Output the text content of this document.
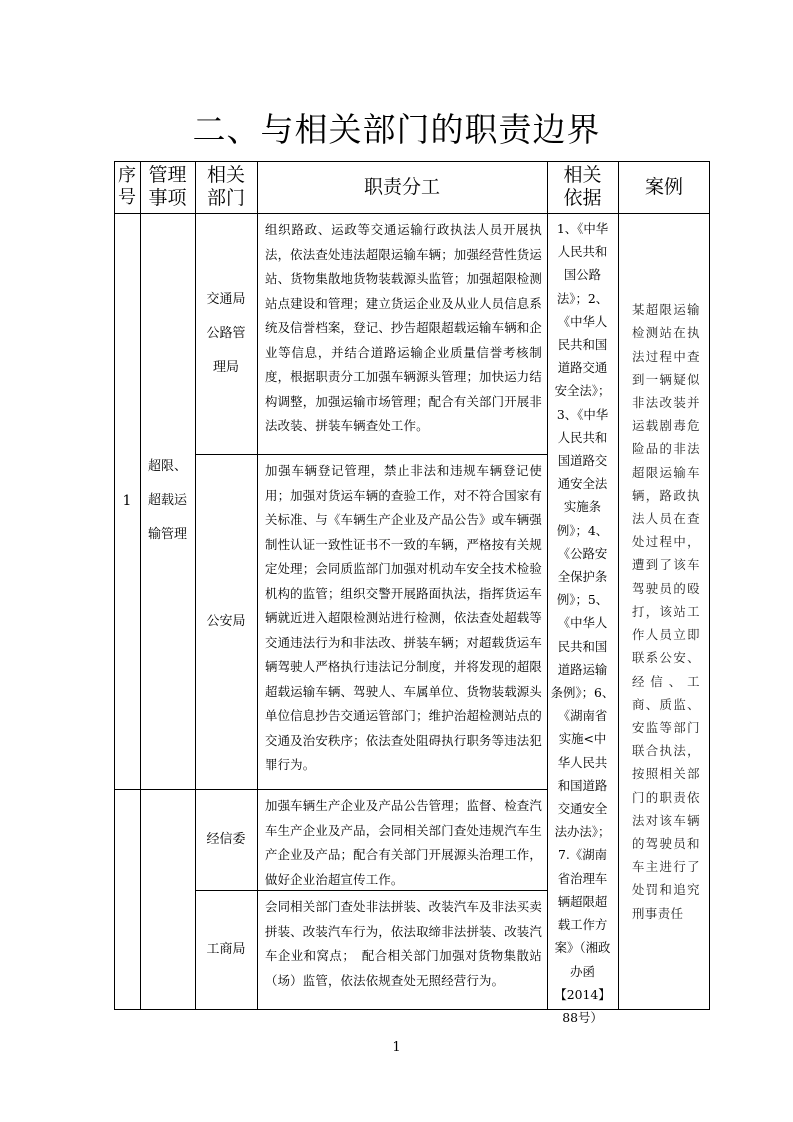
二、与相关部门的职责边界
序
号
管理
事项
相关
部门
职责分工
相关
依据
案例
1
超限、
超载运
输管理
交通局
公路管
理局
组织路政、运政等交通运输行政执法人员开展执法，依法查处违法超限运输车辆；加强经营性货运站、货物集散地货物装载源头监管；加强超限检测站点建设和管理；建立货运企业及从业人员信息系统及信誉档案，登记、抄告超限超载运输车辆和企业等信息，并结合道路运输企业质量信誉考核制度，根据职责分工加强车辆源头管理；加快运力结构调整，加强运输市场管理；配合有关部门开展非法改装、拼装车辆查处工作。
公安局
加强车辆登记管理，禁止非法和违规车辆登记使用；加强对货运车辆的查验工作，对不符合国家有关标准、与《车辆生产企业及产品公告》或车辆强制性认证一致性证书不一致的车辆，严格按有关规定处理；会同质监部门加强对机动车安全技术检验机构的监管；组织交警开展路面执法，指挥货运车辆就近进入超限检测站进行检测，依法查处超载等交通违法行为和非法改、拼装车辆；对超载货运车辆驾驶人严格执行违法记分制度，并将发现的超限超载运输车辆、驾驶人、车属单位、货物装载源头单位信息抄告交通运管部门；维护治超检测站点的交通及治安秩序；依法查处阻碍执行职务等违法犯罪行为。
经信委
加强车辆生产企业及产品公告管理；监督、检查汽车生产企业及产品，会同相关部门查处违规汽车生产企业及产品；配合有关部门开展源头治理工作，做好企业治超宣传工作。
工商局
会同相关部门查处非法拼装、改装汽车及非法买卖拼装、改装汽车行为，依法取缔非法拼装、改装汽车企业和窝点；　配合相关部门加强对货物集散站（场）监管，依法依规查处无照经营行为。
1、《中华
人民共和
国公路
法》；2、
《中华人
民共和国
道路交通
安全法》；
3、《中华
人民共和
国道路交
通安全法
实施条
例》；4、
《公路安
全保护条
例》；5、
《中华人
民共和国
道路运输
条例》；6、
《湖南省
实施<中
华人民共
和国道路
交通安全
法办法》；
7.《湖南
省治理车
辆超限超
载工作方
案》（湘政
办函
【2014】
88号）
某超限运输检测站在执法过程中查到一辆疑似非法改装并运载剧毒危险品的非法超限运输车辆，路政执法人员在查处过程中，遭到了该车驾驶员的殴打，该站工作人员立即联系公安、经信、工商、质监、安监等部门联合执法，按照相关部门的职责依法对该车辆的驾驶员和车主进行了处罚和追究刑事责任
1
